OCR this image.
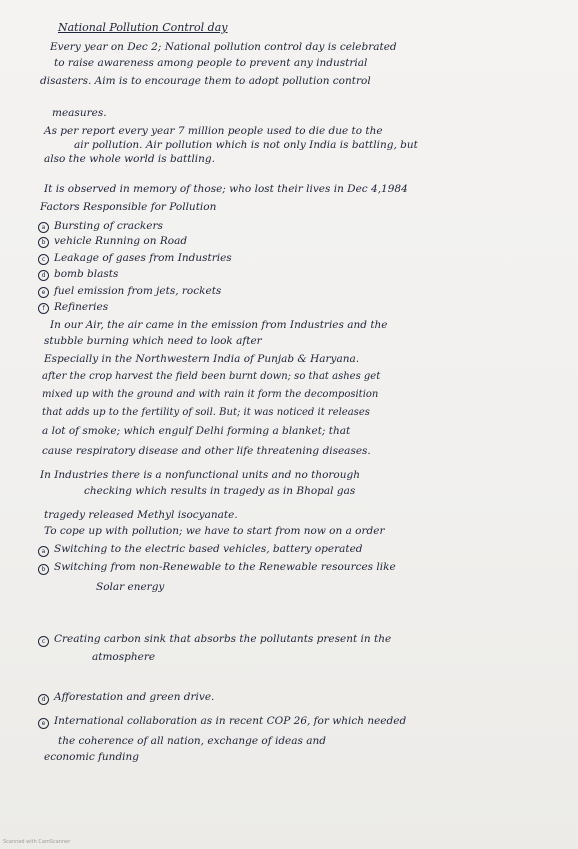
National Pollution Control day
Every year on Dec 2; National pollution control day is celebrated
to raise awareness among people to prevent any industrial
disasters. Aim is to encourage them to adopt pollution control
measures.
As per report every year 7 million people used to die due to the
air pollution. Air pollution which is not only India is battling, but
also the whole world is battling.
It is observed in memory of those; who lost their lives in Dec 4,1984
Factors Responsible for Pollution
a Bursting of crackers
b vehicle Running on Road
c Leakage of gases from Industries
d bomb blasts
e fuel emission from jets, rockets
f Refineries
In our Air, the air came in the emission from Industries and the
stubble burning which need to look after
Especially in the Northwestern India of Punjab & Haryana.
after the crop harvest the field been burnt down; so that ashes get
mixed up with the ground and with rain it form the decomposition
that adds up to the fertility of soil. But; it was noticed it releases
a lot of smoke; which engulf Delhi forming a blanket; that
cause respiratory disease and other life threatening diseases.
In Industries there is a nonfunctional units and no thorough
checking which results in tragedy as in Bhopal gas
tragedy released Methyl isocyanate.
To cope up with pollution; we have to start from now on a order
a Switching to the electric based vehicles, battery operated
b Switching from non-Renewable to the Renewable resources like
Solar energy
c Creating carbon sink that absorbs the pollutants present in the
atmosphere
d Afforestation and green drive.
e International collaboration as in recent COP 26, for which needed
the coherence of all nation, exchange of ideas and
economic funding
Scanned with CamScanner
